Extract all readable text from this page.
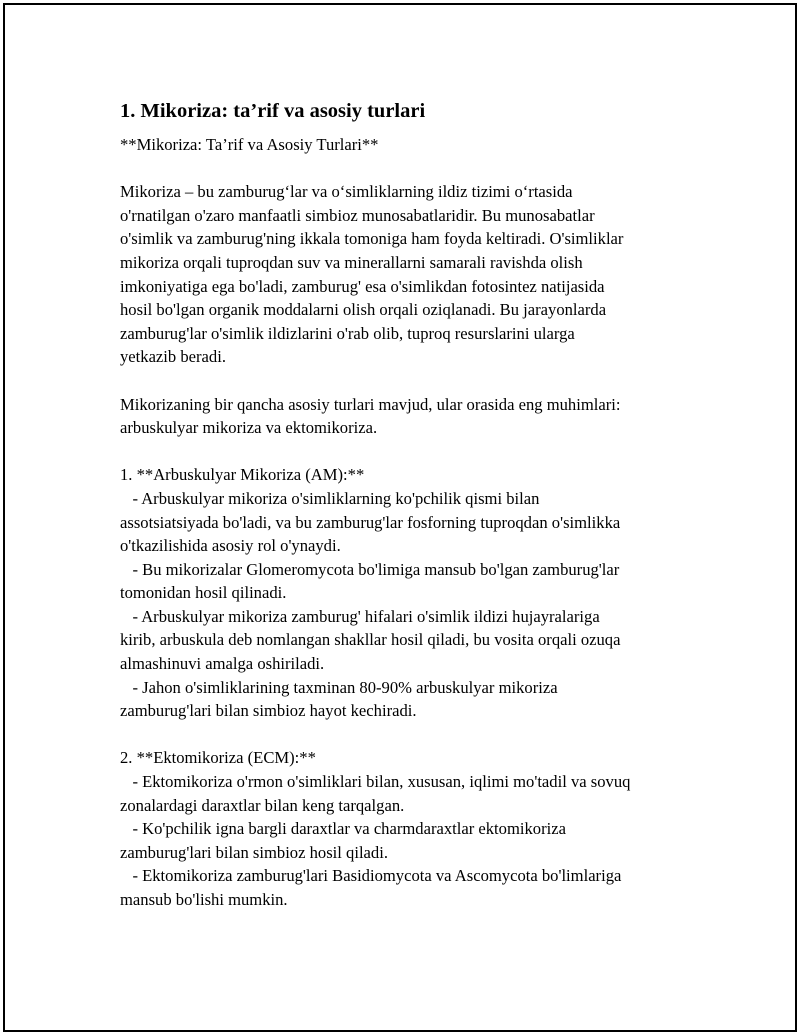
1. Mikoriza: ta’rif va asosiy turlari

**Mikoriza: Ta’rif va Asosiy Turlari**

Mikoriza – bu zamburug‘lar va o‘simliklarning ildiz tizimi o‘rtasida

o'rnatilgan o'zaro manfaatli simbioz munosabatlaridir. Bu munosabatlar

o'simlik va zamburug'ning ikkala tomoniga ham foyda keltiradi. O'simliklar

mikoriza orqali tuproqdan suv va minerallarni samarali ravishda olish

imkoniyatiga ega bo'ladi, zamburug' esa o'simlikdan fotosintez natijasida

hosil bo'lgan organik moddalarni olish orqali oziqlanadi. Bu jarayonlarda

zamburug'lar o'simlik ildizlarini o'rab olib, tuproq resurslarini ularga

yetkazib beradi.

Mikorizaning bir qancha asosiy turlari mavjud, ular orasida eng muhimlari:

arbuskulyar mikoriza va ektomikoriza.

1. **Arbuskulyar Mikoriza (AM):**

- Arbuskulyar mikoriza o'simliklarning ko'pchilik qismi bilan

assotsiatsiyada bo'ladi, va bu zamburug'lar fosforning tuproqdan o'simlikka

o'tkazilishida asosiy rol o'ynaydi.

- Bu mikorizalar Glomeromycota bo'limiga mansub bo'lgan zamburug'lar

tomonidan hosil qilinadi.

- Arbuskulyar mikoriza zamburug' hifalari o'simlik ildizi hujayralariga

kirib, arbuskula deb nomlangan shakllar hosil qiladi, bu vosita orqali ozuqa

almashinuvi amalga oshiriladi.

- Jahon o'simliklarining taxminan 80-90% arbuskulyar mikoriza

zamburug'lari bilan simbioz hayot kechiradi.

2. **Ektomikoriza (ECM):**

- Ektomikoriza o'rmon o'simliklari bilan, xususan, iqlimi mo'tadil va sovuq

zonalardagi daraxtlar bilan keng tarqalgan.

- Ko'pchilik igna bargli daraxtlar va charmdaraxtlar ektomikoriza

zamburug'lari bilan simbioz hosil qiladi.

- Ektomikoriza zamburug'lari Basidiomycota va Ascomycota bo'limlariga

mansub bo'lishi mumkin.
